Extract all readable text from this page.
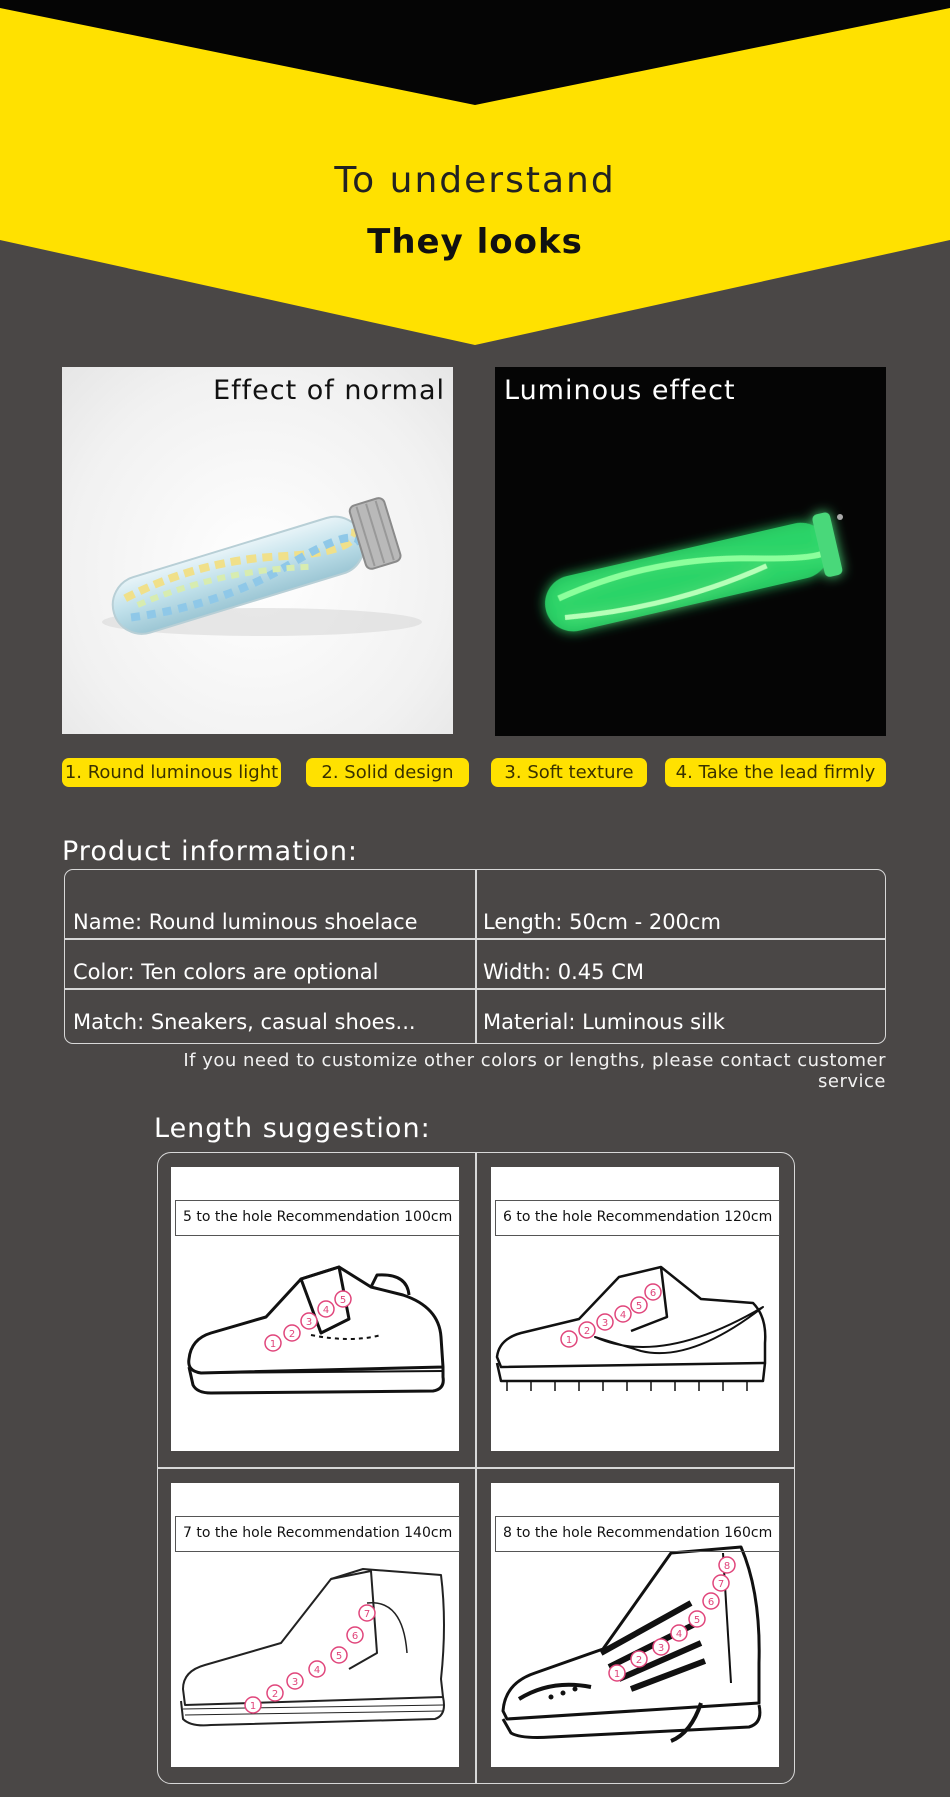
To understand
They looks
Effect of normal Luminous effect
1. Round luminous light	2. Solid design	3. Soft texture	4. Take the lead firmly
Product information:
Name: Round luminous shoelace	Length: 50cm - 200cm
Color: Ten colors are optional	Width: 0.45 CM
Match: Sneakers, casual shoes...	Material: Luminous silk
If you need to customize other colors or lengths, please contact customer service
Length suggestion:
1
2
3
4
5
5 to the hole Recommendation 100cm
1
2
3
4
5
6
6 to the hole Recommendation 120cm
1
2
3
4
5
6
7
7 to the hole Recommendation 140cm
1
2
3
4
5
6
7
8
8 to the hole Recommendation 160cm
